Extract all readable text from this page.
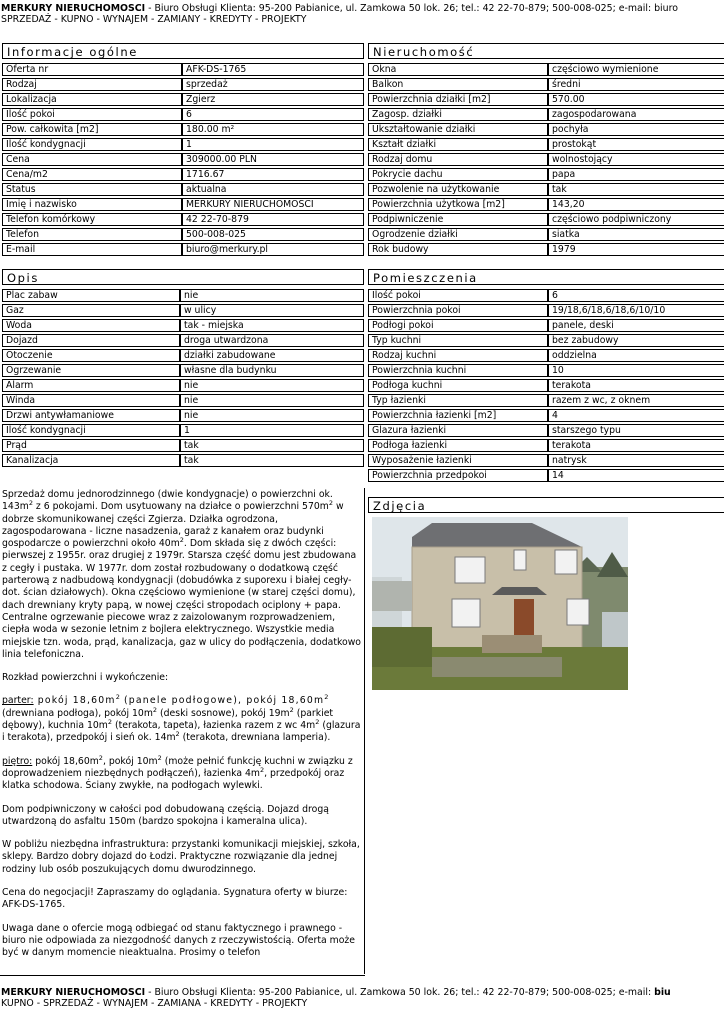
MERKURY NIERUCHOMOŚCI - Biuro Obsługi Klienta: 95-200 Pabianice, ul. Zamkowa 50 lok. 26; tel.: 42 22-70-879; 500-008-025; e-mail: biuro
SPRZEDAŻ - KUPNO - WYNAJEM - ZAMIANY - KREDYTY - PROJEKTY
Informacje ogólne	Nieruchomość
Oferta nr	AFK-DS-1765
Rodzaj	sprzedaż
Lokalizacja	Zgierz
Ilość pokoi	6
Pow. całkowita [m2]	180.00 m²
Ilość kondygnacji	1
Cena	309000.00 PLN
Cena/m2	1716.67
Status	aktualna
Imię i nazwisko	MERKURY NIERUCHOMOŚCI
Telefon komórkowy	42 22-70-879
Telefon	500-008-025
E-mail	biuro@merkury.pl
Okna	częściowo wymienione
Balkon	średni
Powierzchnia działki [m2]	570.00
Zagosp. działki	zagospodarowana
Ukształtowanie działki	pochyła
Kształt działki	prostokąt
Rodzaj domu	wolnostojący
Pokrycie dachu	papa
Pozwolenie na użytkowanie	tak
Powierzchnia użytkowa [m2]	143,20
Podpiwniczenie	częściowo podpiwniczony
Ogrodzenie działki	siatka
Rok budowy	1979
Opis	Pomieszczenia
Plac zabaw	nie
Gaz	w ulicy
Woda	tak - miejska
Dojazd	droga utwardzona
Otoczenie	działki zabudowane
Ogrzewanie	własne dla budynku
Alarm	nie
Winda	nie
Drzwi antywłamaniowe	nie
Ilość kondygnacji	1
Prąd	tak
Kanalizacja	tak
Ilość pokoi	6
Powierzchnia pokoi	19/18,6/18,6/18,6/10/10
Podłogi pokoi	panele, deski
Typ kuchni	bez zabudowy
Rodzaj kuchni	oddzielna
Powierzchnia kuchni	10
Podłoga kuchni	terakota
Typ łazienki	razem z wc, z oknem
Powierzchnia łazienki [m2]	4
Glazura łazienki	starszego typu
Podłoga łazienki	terakota
Wyposażenie łazienki	natrysk
Powierzchnia przedpokoi	14

Sprzedaż domu jednorodzinnego (dwie kondygnacje) o powierzchni ok. $143m^2$ z 6 pokojami. Dom usytuowany na działce o powierzchni $570m^2$ w dobrze skomunikowanej części Zgierza. Działka ogrodzona, zagospodarowana - liczne nasadzenia, garaż z kanałem oraz budynki gospodarcze o powierzchni około $40m^2$. Dom składa się z dwóch części: pierwszej z 1955r. oraz drugiej z 1979r. Starsza część domu jest zbudowana z cegły i pustaka. W 1977r. dom został rozbudowany o dodatkową część parterową z nadbudową kondygnacji (dobudówka z suporexu i białej cegły-dot. ścian działowych). Okna częściowo wymienione (w starej części domu), dach drewniany kryty papą, w nowej części stropodach ociplony + papa. Centralne ogrzewanie piecowe wraz z zaizolowanym rozprowadzeniem, ciepła woda w sezonie letnim z bojlera elektrycznego. Wszystkie media miejskie tzn. woda, prąd, kanalizacja, gaz w ulicy do podłączenia, dodatkowo linia telefoniczna.

Rozkład powierzchni i wykończenie:

parter: pokój $18,60m^2$ (panele podłogowe), pokój $18,60m^2$ (drewniana podłoga), pokój $10m^2$ (deski sosnowe), pokój $19m^2$ (parkiet dębowy), kuchnia $10m^2$ (terakota, tapeta), łazienka razem z wc $4m^2$ (glazura i terakota), przedpokój i sień ok. $14m^2$ (terakota, drewniana lamperia).

piętro: pokój $18,60m^2$, pokój $10m^2$ (może pełnić funkcję kuchni w związku z doprowadzeniem niezbędnych podłączeń), łazienka $4m^2$, przedpokój oraz klatka schodowa. Ściany zwykłe, na podłogach wylewki.

Dom podpiwniczony w całości pod dobudowaną częścią. Dojazd drogą utwardzoną do asfaltu 150m (bardzo spokojna i kameralna ulica).

W pobliżu niezbędna infrastruktura: przystanki komunikacji miejskiej, szkoła, sklepy. Bardzo dobry dojazd do Łodzi. Praktyczne rozwiązanie dla jednej rodziny lub osób poszukujących domu dwurodzinnego.

Cena do negocjacji! Zapraszamy do oglądania. Sygnatura oferty w biurze: AFK-DS-1765.

Uwaga dane o ofercie mogą odbiegać od stanu faktycznego i prawnego - biuro nie odpowiada za niezgodność danych z rzeczywistością. Oferta może być w danym momencie nieaktualna. Prosimy o telefon

Zdjęcia
MERKURY NIERUCHOMOŚCI - Biuro Obsługi Klienta: 95-200 Pabianice, ul. Zamkowa 50 lok. 26; tel.: 42 22-70-879; 500-008-025; e-mail: biu
KUPNO - SPRZEDAŻ - WYNAJEM - ZAMIANA - KREDYTY - PROJEKTY
